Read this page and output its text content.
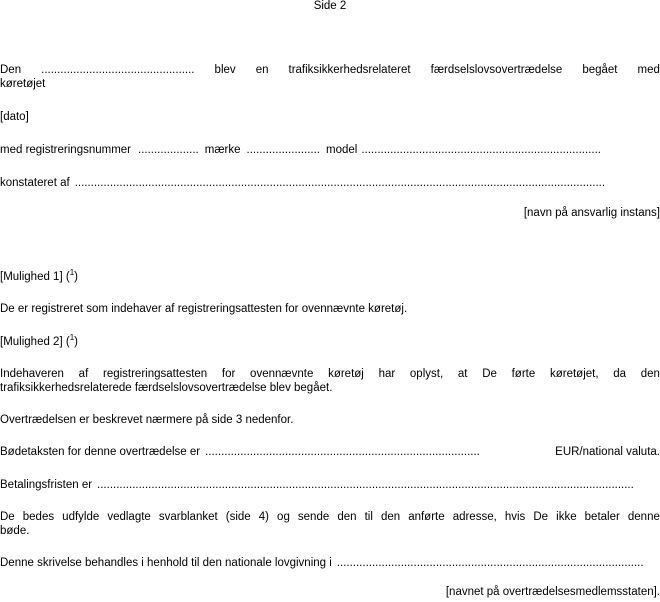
Side 2
Den ................................................ blev en trafiksikkerhedsrelateret færdselslovsovertrædelse begået med
køretøjet
[dato]
med registreringsnummer ................... mærke ....................... model ...........................................................................
konstateret af ......................................................................................................................................................................
[navn på ansvarlig instans]
[Mulighed 1] ($^1$)
De er registreret som indehaver af registreringsattesten for ovennævnte køretøj.
[Mulighed 2] ($^1$)
Indehaveren af registreringsattesten for ovennævnte køretøj har oplyst, at De førte køretøjet, da den
trafiksikkerhedsrelaterede færdselslovsovertrædelse blev begået.
Overtrædelsen er beskrevet nærmere på side 3 nedenfor.
Bødetaksten for denne overtrædelse er ......................................................................................	EUR/national valuta.
Betalingsfristen er ........................................................................................................................................................................
De bedes udfylde vedlagte svarblanket (side 4) og sende den til den anførte adresse, hvis De ikke betaler denne
bøde.
Denne skrivelse behandles i henhold til den nationale lovgivning i ................................................................................................
[navnet på overtrædelsesmedlemsstaten].
